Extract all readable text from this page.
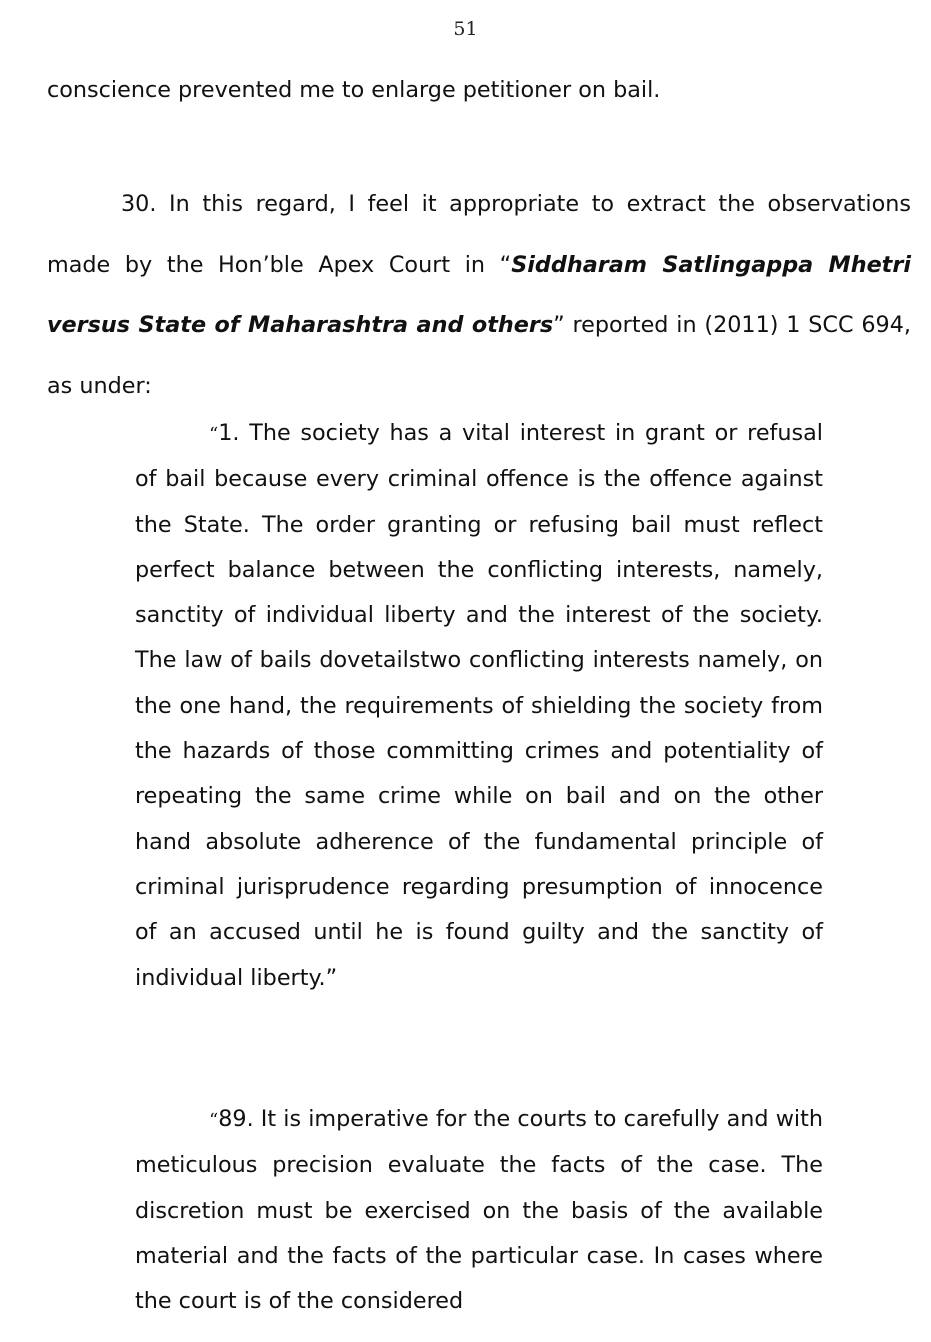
51

conscience prevented me to enlarge petitioner on bail.

30. In this regard, I feel it appropriate to extract the observations made by the Hon’ble Apex Court in “Siddharam Satlingappa Mhetri versus State of Maharashtra and others” reported in (2011) 1 SCC 694, as under:

“1. The society has a vital interest in grant or refusal of bail because every criminal offence is the offence against the State. The order granting or refusing bail must reflect perfect balance between the conflicting interests, namely, sanctity of individual liberty and the interest of the society. The law of bails dovetailstwo conflicting interests namely, on the one hand, the requirements of shielding the society from the hazards of those committing crimes and potentiality of repeating the same crime while on bail and on the other hand absolute adherence of the fundamental principle of criminal jurisprudence regarding presumption of innocence of an accused until he is found guilty and the sanctity of individual liberty.”

“89. It is imperative for the courts to carefully and with meticulous precision evaluate the facts of the case. The discretion must be exercised on the basis of the available material and the facts of the particular case. In cases where the court is of the considered
